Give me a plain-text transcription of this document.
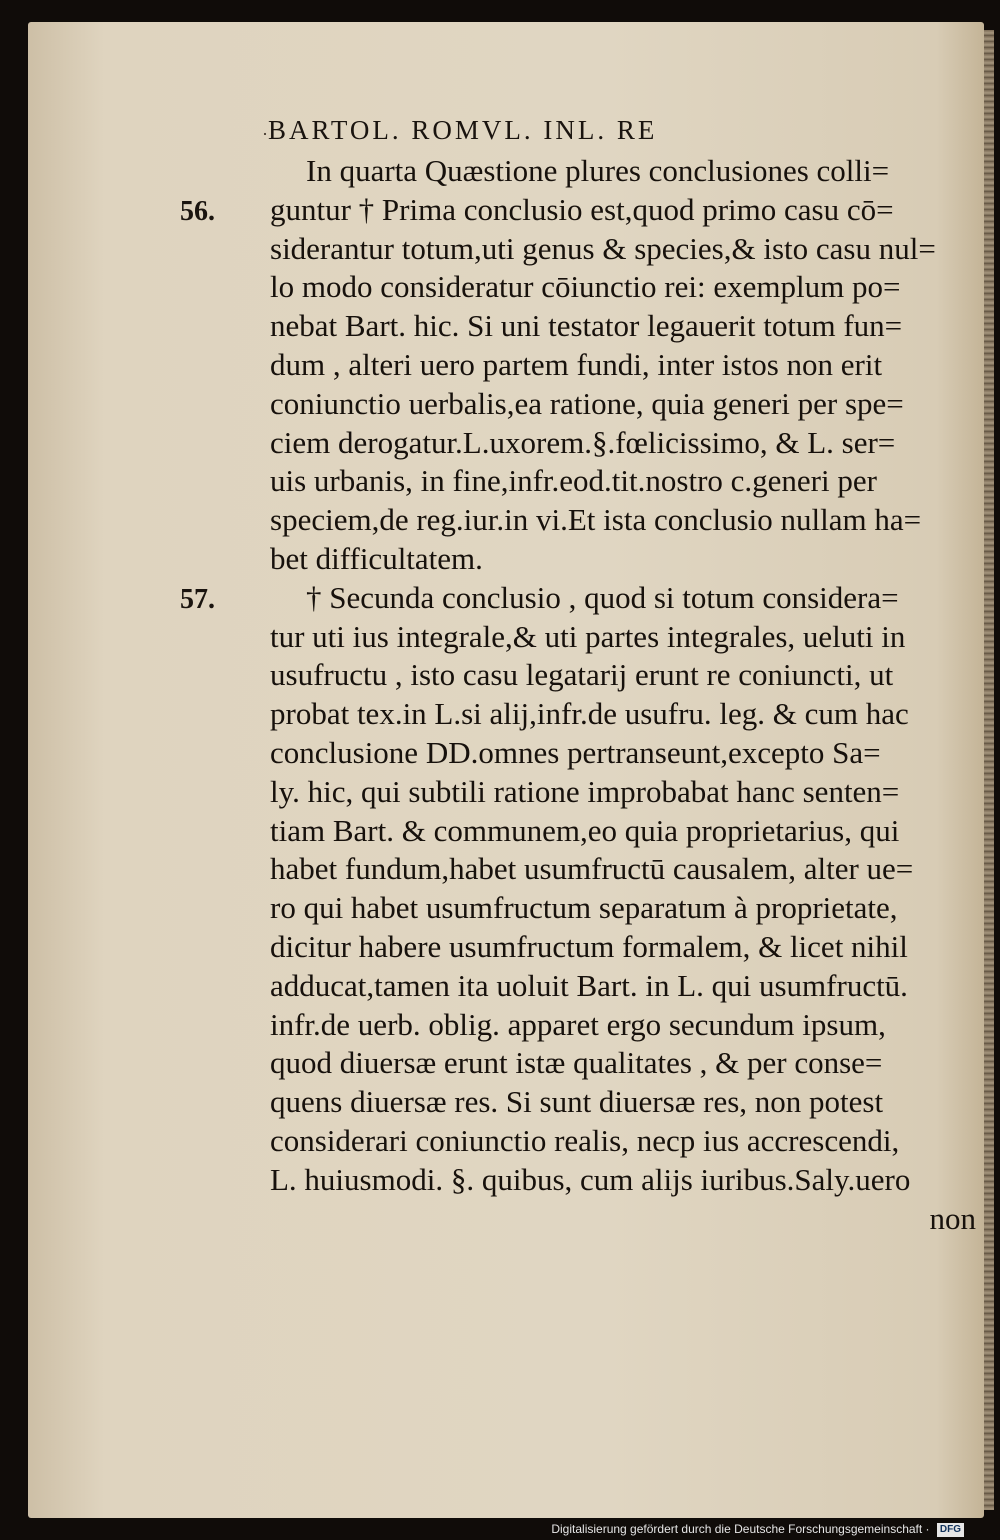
· BARTOL. ROMVL. INL. RE
56.
57.
In quarta Quæstione plures conclusiones colli=
guntur † Prima conclusio est,quod primo casu cō=
siderantur totum,uti genus & species,& isto casu nul=
lo modo consideratur cōiunctio rei: exemplum po=
nebat Bart. hic. Si uni testator legauerit totum fun=
dum , alteri uero partem fundi, inter istos non erit
coniunctio uerbalis,ea ratione, quia generi per spe=
ciem derogatur.L.uxorem.§.fœlicissimo, & L. ser=
uis urbanis, in fine,infr.eod.tit.nostro c.generi per
speciem,de reg.iur.in vi.Et ista conclusio nullam ha=
bet difficultatem.
† Secunda conclusio , quod si totum considera=
tur uti ius integrale,& uti partes integrales, ueluti in
usufructu , isto casu legatarij erunt re coniuncti, ut
probat tex.in L.si alij,infr.de usufru. leg. & cum hac
conclusione DD.omnes pertranseunt,excepto Sa=
ly. hic, qui subtili ratione improbabat hanc senten=
tiam Bart. & communem,eo quia proprietarius, qui
habet fundum,habet usumfructū causalem, alter ue=
ro qui habet usumfructum separatum à proprietate,
dicitur habere usumfructum formalem, & licet nihil
adducat,tamen ita uoluit Bart. in L. qui usumfructū.
infr.de uerb. oblig. apparet ergo secundum ipsum,
quod diuersæ erunt istæ qualitates , & per conse=
quens diuersæ res. Si sunt diuersæ res, non potest
considerari coniunctio realis, necp ius accrescendi,
L. huiusmodi. §. quibus, cum alijs iuribus.Saly.uero
non
Digitalisierung gefördert durch die Deutsche Forschungsgemeinschaft · DFG
